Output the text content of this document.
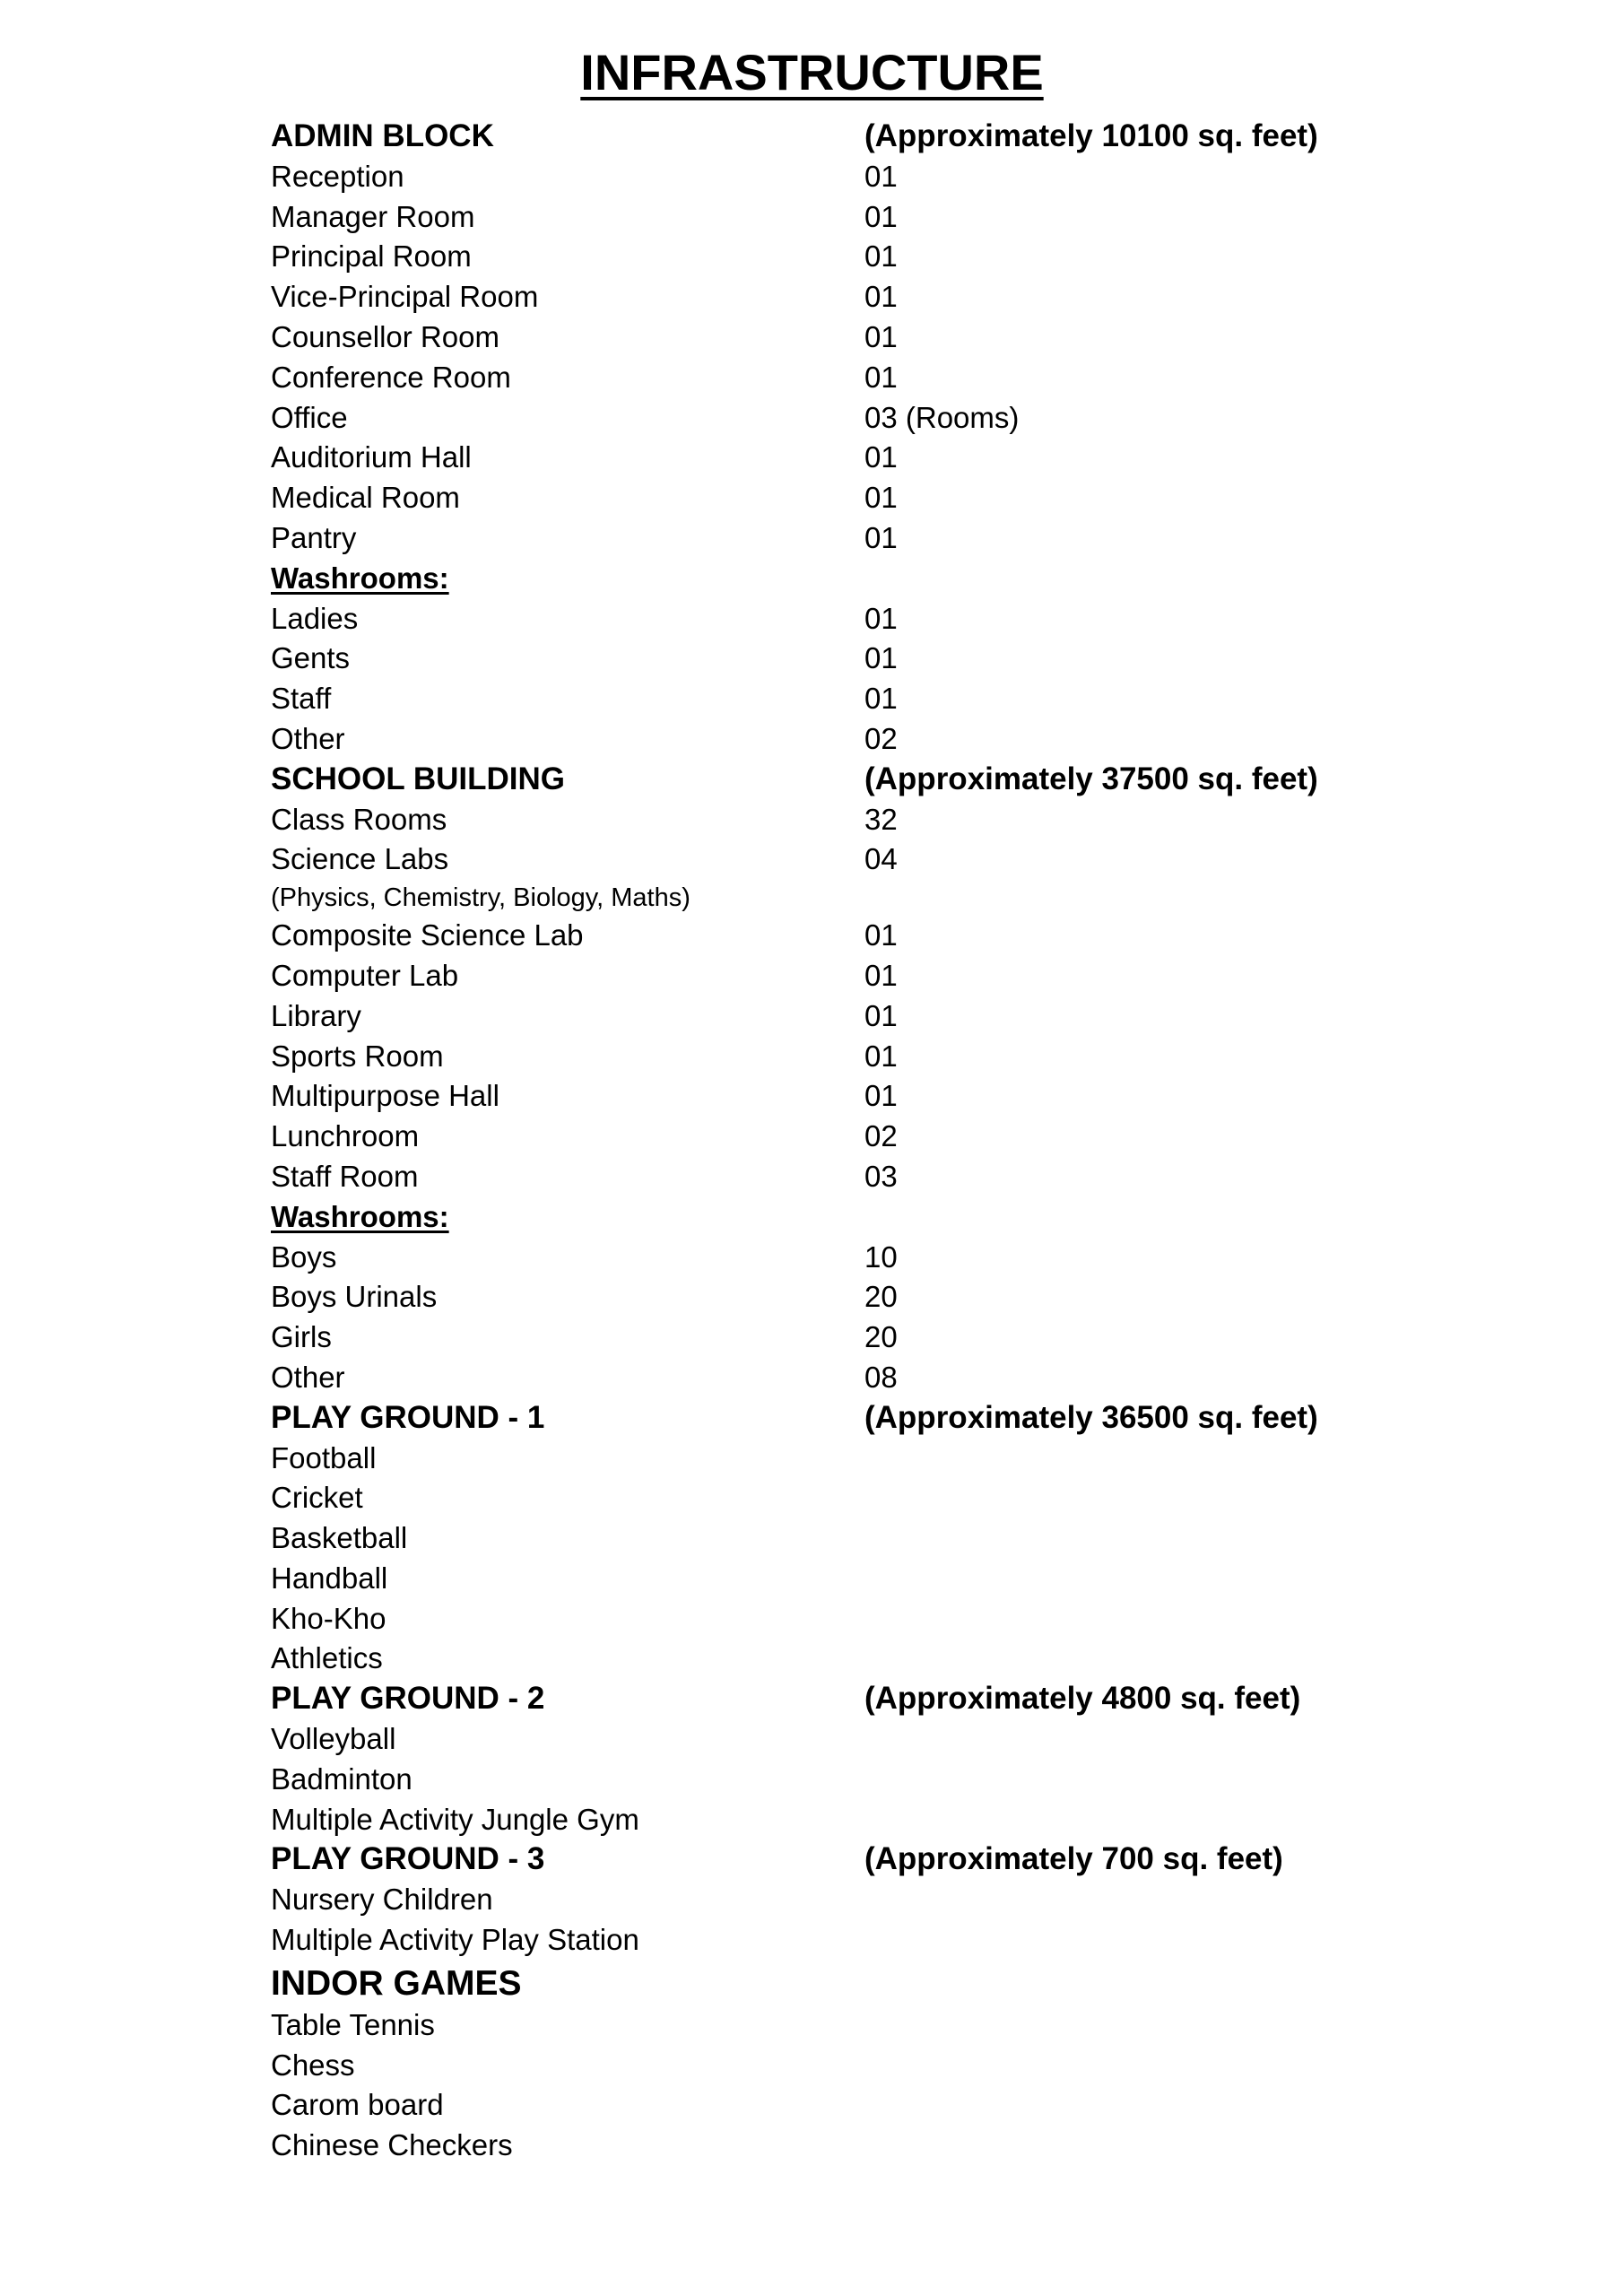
INFRASTRUCTURE
ADMIN BLOCK	(Approximately 10100 sq. feet)
Reception	01
Manager Room	01
Principal Room	01
Vice-Principal Room	01
Counsellor Room	01
Conference Room	01
Office	03 (Rooms)
Auditorium Hall	01
Medical Room	01
Pantry	01
Washrooms:
Ladies	01
Gents	01
Staff	01
Other	02
SCHOOL BUILDING	(Approximately 37500 sq. feet)
Class Rooms	32
Science Labs	04
(Physics, Chemistry, Biology, Maths)
Composite Science Lab	01
Computer Lab	01
Library	01
Sports Room	01
Multipurpose Hall	01
Lunchroom	02
Staff Room	03
Washrooms:
Boys	10
Boys Urinals	20
Girls	20
Other	08
PLAY GROUND - 1	(Approximately 36500 sq. feet)
Football
Cricket
Basketball
Handball
Kho-Kho
Athletics
PLAY GROUND - 2	(Approximately 4800 sq. feet)
Volleyball
Badminton
Multiple Activity Jungle Gym
PLAY GROUND - 3	(Approximately 700 sq. feet)
Nursery Children
Multiple Activity Play Station
INDOR GAMES
Table Tennis
Chess
Carom board
Chinese Checkers
